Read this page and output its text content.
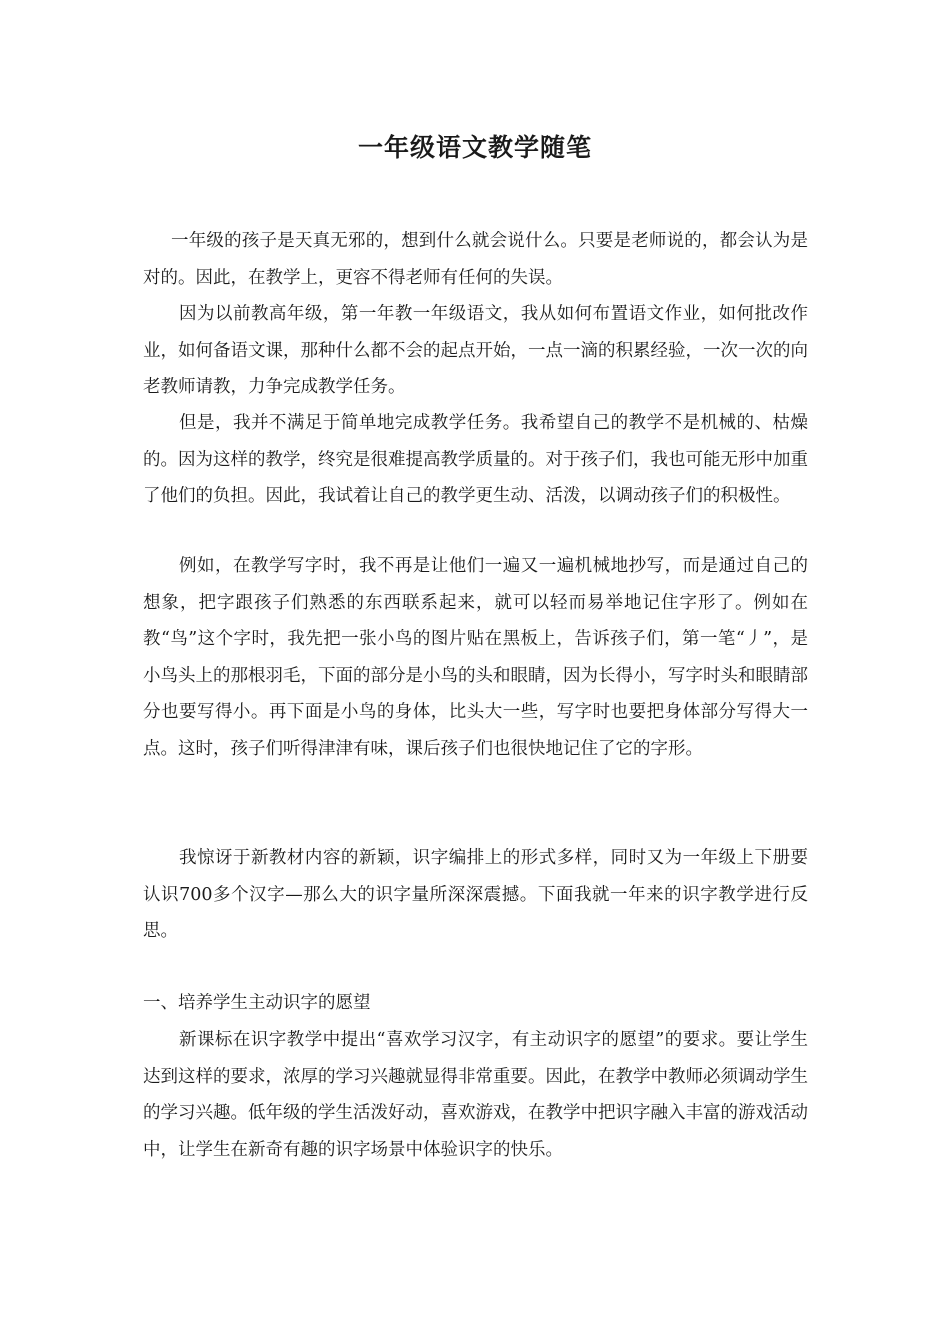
一年级语文教学随笔

一年级的孩子是天真无邪的，想到什么就会说什么。只要是老师说的，都会认为是对的。因此，在教学上，更容不得老师有任何的失误。

因为以前教高年级，第一年教一年级语文，我从如何布置语文作业，如何批改作业，如何备语文课，那种什么都不会的起点开始，一点一滴的积累经验，一次一次的向老教师请教，力争完成教学任务。

但是，我并不满足于简单地完成教学任务。我希望自己的教学不是机械的、枯燥的。因为这样的教学，终究是很难提高教学质量的。对于孩子们，我也可能无形中加重了他们的负担。因此，我试着让自己的教学更生动、活泼，以调动孩子们的积极性。

例如，在教学写字时，我不再是让他们一遍又一遍机械地抄写，而是通过自己的想象，把字跟孩子们熟悉的东西联系起来，就可以轻而易举地记住字形了。例如在教“鸟”这个字时，我先把一张小鸟的图片贴在黑板上，告诉孩子们，第一笔“丿”，是小鸟头上的那根羽毛，下面的部分是小鸟的头和眼睛，因为长得小，写字时头和眼睛部分也要写得小。再下面是小鸟的身体，比头大一些，写字时也要把身体部分写得大一点。这时，孩子们听得津津有味，课后孩子们也很快地记住了它的字形。

我惊讶于新教材内容的新颖，识字编排上的形式多样，同时又为一年级上下册要认识700多个汉字—那么大的识字量所深深震撼。下面我就一年来的识字教学进行反思。

一、培养学生主动识字的愿望

新课标在识字教学中提出“喜欢学习汉字，有主动识字的愿望”的要求。要让学生达到这样的要求，浓厚的学习兴趣就显得非常重要。因此，在教学中教师必须调动学生的学习兴趣。低年级的学生活泼好动，喜欢游戏，在教学中把识字融入丰富的游戏活动中，让学生在新奇有趣的识字场景中体验识字的快乐。
